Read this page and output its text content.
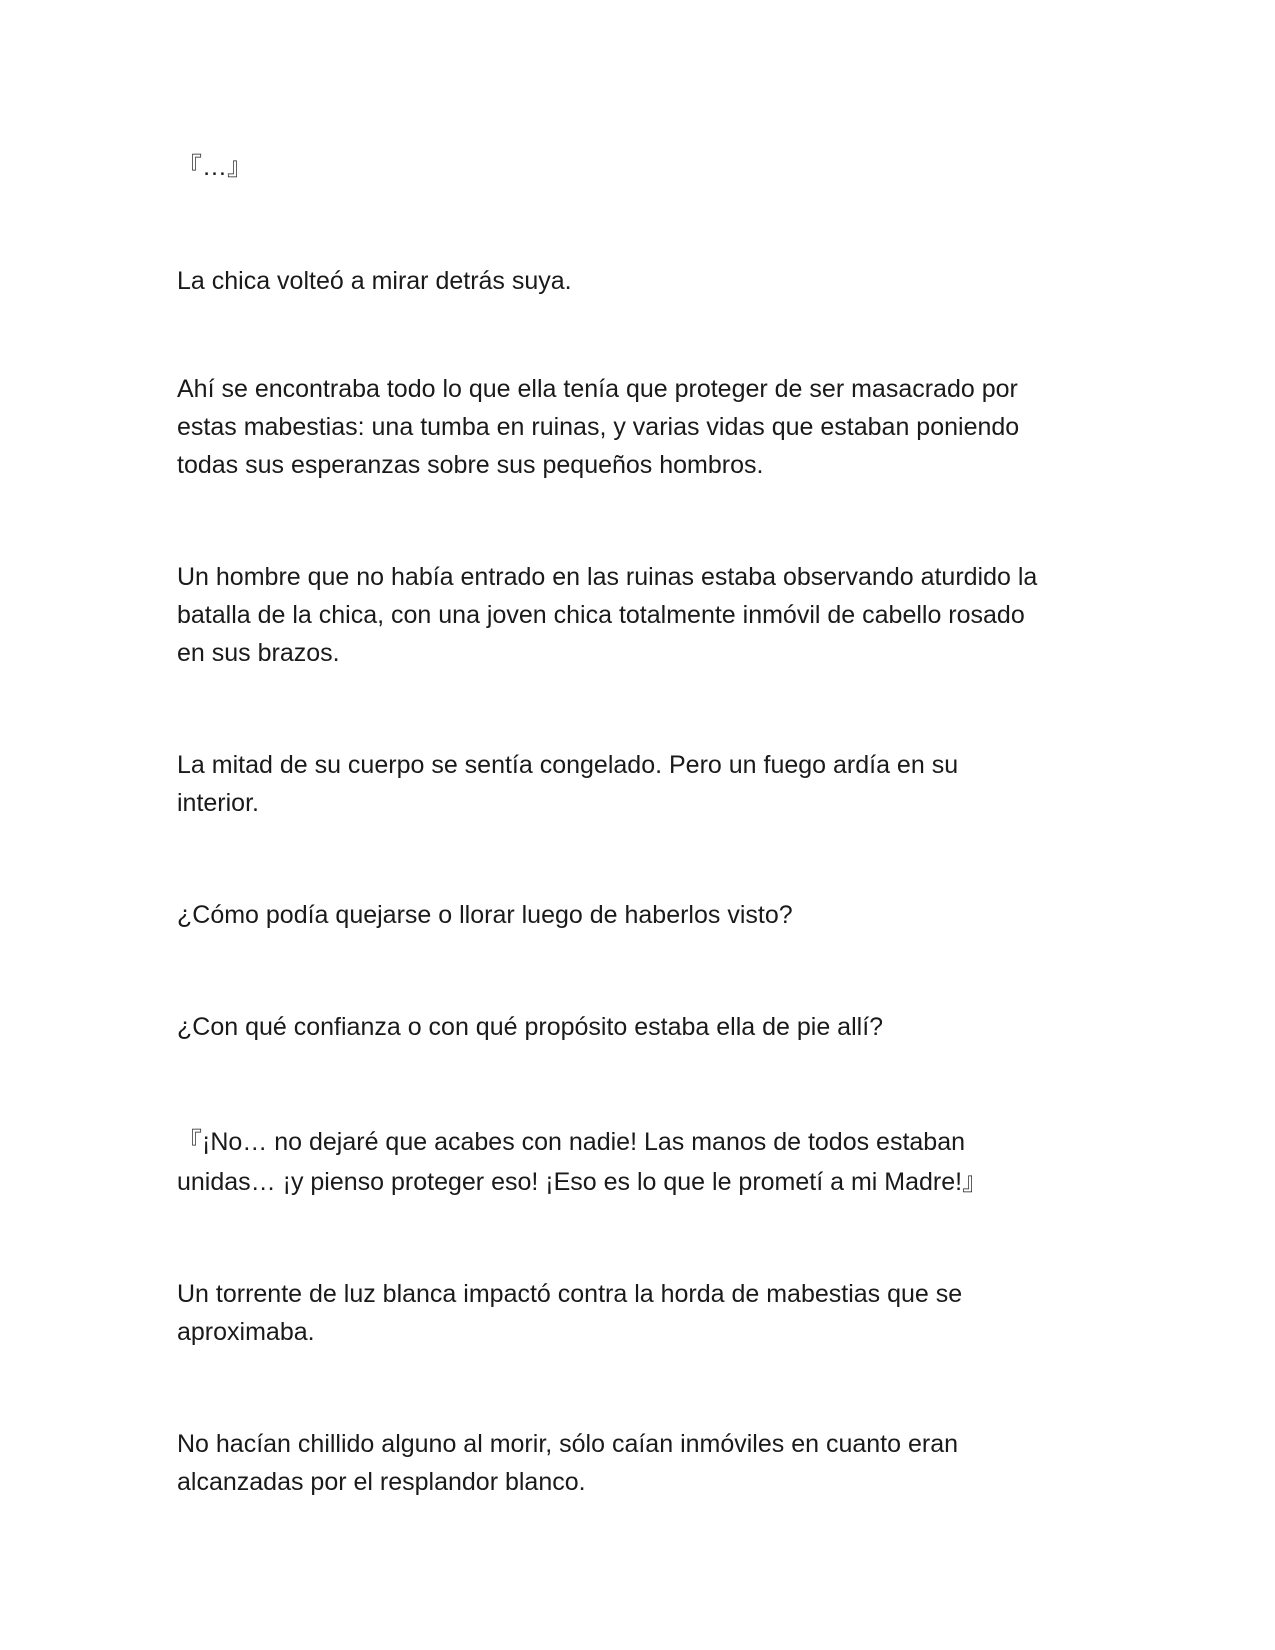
『…』

La chica volteó a mirar detrás suya.

Ahí se encontraba todo lo que ella tenía que proteger de ser masacrado por
estas mabestias: una tumba en ruinas, y varias vidas que estaban poniendo
todas sus esperanzas sobre sus pequeños hombros.

Un hombre que no había entrado en las ruinas estaba observando aturdido la
batalla de la chica, con una joven chica totalmente inmóvil de cabello rosado
en sus brazos.

La mitad de su cuerpo se sentía congelado. Pero un fuego ardía en su
interior.

¿Cómo podía quejarse o llorar luego de haberlos visto?

¿Con qué confianza o con qué propósito estaba ella de pie allí?

『¡No… no dejaré que acabes con nadie! Las manos de todos estaban
unidas… ¡y pienso proteger eso! ¡Eso es lo que le prometí a mi Madre!』

Un torrente de luz blanca impactó contra la horda de mabestias que se
aproximaba.

No hacían chillido alguno al morir, sólo caían inmóviles en cuanto eran
alcanzadas por el resplandor blanco.
